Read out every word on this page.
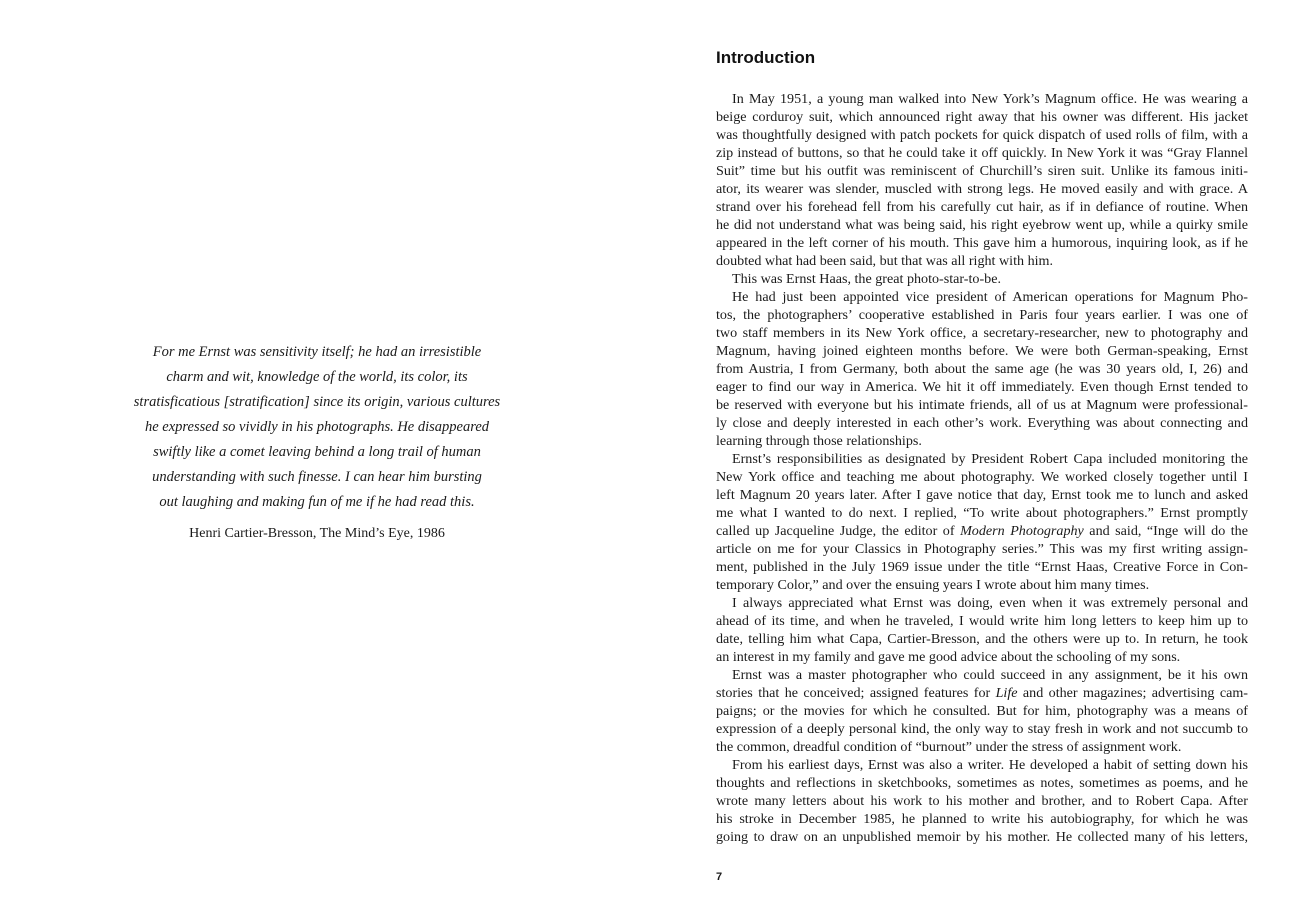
For me Ernst was sensitivity itself; he had an irresistible
charm and wit, knowledge of the world, its color, its
stratisficatious [stratification] since its origin, various cultures
he expressed so vividly in his photographs. He disappeared
swiftly like a comet leaving behind a long trail of human
understanding with such finesse. I can hear him bursting
out laughing and making fun of me if he had read this.

Henri Cartier-Bresson, The Mind’s Eye, 1986

Introduction
In May 1951, a young man walked into New York’s Magnum office. He was wearing a
beige corduroy suit, which announced right away that his owner was different. His jacket
was thoughtfully designed with patch pockets for quick dispatch of used rolls of film, with a
zip instead of buttons, so that he could take it off quickly. In New York it was “Gray Flannel
Suit” time but his outfit was reminiscent of Churchill’s siren suit. Unlike its famous initi-
ator, its wearer was slender, muscled with strong legs. He moved easily and with grace. A
strand over his forehead fell from his carefully cut hair, as if in defiance of routine. When
he did not understand what was being said, his right eyebrow went up, while a quirky smile
appeared in the left corner of his mouth. This gave him a humorous, inquiring look, as if he
doubted what had been said, but that was all right with him.
This was Ernst Haas, the great photo-star-to-be.
He had just been appointed vice president of American operations for Magnum Pho-
tos, the photographers’ cooperative established in Paris four years earlier. I was one of
two staff members in its New York office, a secretary-researcher, new to photography and
Magnum, having joined eighteen months before. We were both German-speaking, Ernst
from Austria, I from Germany, both about the same age (he was 30 years old, I, 26) and
eager to find our way in America. We hit it off immediately. Even though Ernst tended to
be reserved with everyone but his intimate friends, all of us at Magnum were professional-
ly close and deeply interested in each other’s work. Everything was about connecting and
learning through those relationships.
Ernst’s responsibilities as designated by President Robert Capa included monitoring the
New York office and teaching me about photography. We worked closely together until I
left Magnum 20 years later. After I gave notice that day, Ernst took me to lunch and asked
me what I wanted to do next. I replied, “To write about photographers.” Ernst promptly
called up Jacqueline Judge, the editor of Modern Photography and said, “Inge will do the
article on me for your Classics in Photography series.” This was my first writing assign-
ment, published in the July 1969 issue under the title “Ernst Haas, Creative Force in Con-
temporary Color,” and over the ensuing years I wrote about him many times.
I always appreciated what Ernst was doing, even when it was extremely personal and
ahead of its time, and when he traveled, I would write him long letters to keep him up to
date, telling him what Capa, Cartier-Bresson, and the others were up to. In return, he took
an interest in my family and gave me good advice about the schooling of my sons.
Ernst was a master photographer who could succeed in any assignment, be it his own
stories that he conceived; assigned features for Life and other magazines; advertising cam-
paigns; or the movies for which he consulted. But for him, photography was a means of
expression of a deeply personal kind, the only way to stay fresh in work and not succumb to
the common, dreadful condition of “burnout” under the stress of assignment work.
From his earliest days, Ernst was also a writer. He developed a habit of setting down his
thoughts and reflections in sketchbooks, sometimes as notes, sometimes as poems, and he
wrote many letters about his work to his mother and brother, and to Robert Capa. After
his stroke in December 1985, he planned to write his autobiography, for which he was
going to draw on an unpublished memoir by his mother. He collected many of his letters,

7
